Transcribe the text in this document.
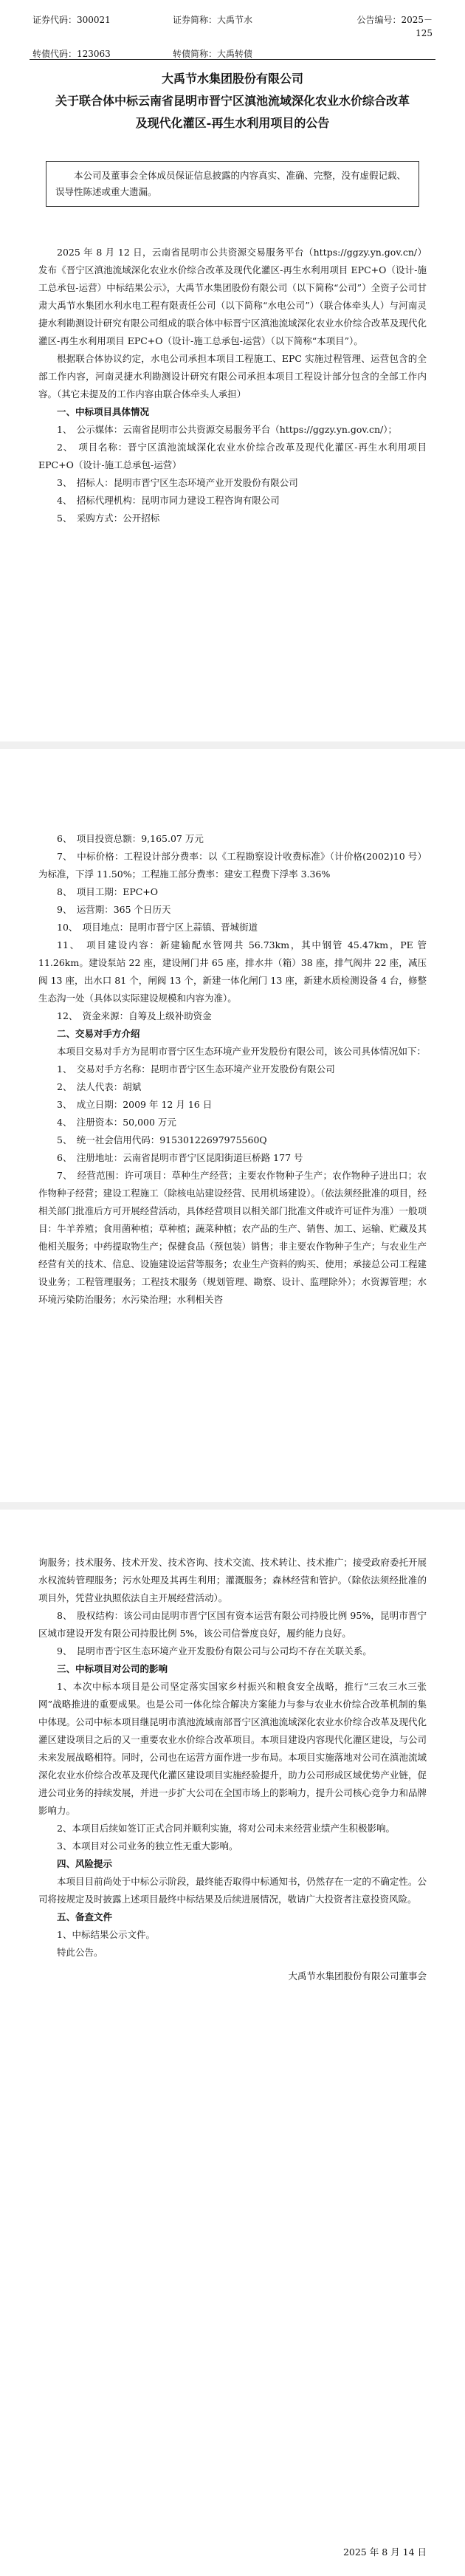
证券代码：300021	证券简称：大禹节水	公告编号：2025－125
转债代码：123063	转债简称：大禹转债

大禹节水集团股份有限公司

关于联合体中标云南省昆明市晋宁区滇池流域深化农业水价综合改革及现代化灌区-再生水利用项目的公告

本公司及董事会全体成员保证信息披露的内容真实、准确、完整，没有虚假记载、误导性陈述或重大遗漏。

2025 年 8 月 12 日，云南省昆明市公共资源交易服务平台（https://ggzy.yn.gov.cn/）发布《晋宁区滇池流域深化农业水价综合改革及现代化灌区-再生水利用项目 EPC+O（设计-施工总承包-运营）中标结果公示》，大禹节水集团股份有限公司（以下简称“公司”）全资子公司甘肃大禹节水集团水利水电工程有限责任公司（以下简称“水电公司”）（联合体牵头人）与河南灵捷水利勘测设计研究有限公司组成的联合体中标晋宁区滇池流域深化农业水价综合改革及现代化灌区-再生水利用项目 EPC+O（设计-施工总承包-运营）（以下简称“本项目”）。

根据联合体协议约定，水电公司承担本项目工程施工、EPC 实施过程管理、运营包含的全部工作内容，河南灵捷水利勘测设计研究有限公司承担本项目工程设计部分包含的全部工作内容。（其它未提及的工作内容由联合体牵头人承担）

一、中标项目具体情况

1、　公示媒体：云南省昆明市公共资源交易服务平台（https://ggzy.yn.gov.cn/）；

2、　项目名称：晋宁区滇池流域深化农业水价综合改革及现代化灌区-再生水利用项目 EPC+O（设计-施工总承包-运营）

3、　招标人：昆明市晋宁区生态环境产业开发股份有限公司

4、　招标代理机构：昆明市同力建设工程咨询有限公司

5、　采购方式：公开招标

6、　项目投资总额：9,165.07 万元

7、　中标价格：工程设计部分费率：以《工程勘察设计收费标准》（计价格(2002)10 号）为标准，下浮 11.50%；工程施工部分费率：建安工程费下浮率 3.36%

8、　项目工期：EPC+O

9、　运营期：365 个日历天

10、　项目地点：昆明市晋宁区上蒜镇、晋城街道

11、　项目建设内容：新建输配水管网共 56.73km，其中钢管 45.47km，PE 管 11.26km。建设泵站 22 座，建设闸门井 65 座，排水井（箱）38 座，排气阀井 22 座，减压阀 13 座，出水口 81 个，闸阀 13 个，新建一体化闸门 13 座，新建水质检测设备 4 台，修整生态沟一处（具体以实际建设规模和内容为准）。

12、　资金来源：自筹及上级补助资金

二、交易对手方介绍

本项目交易对手方为昆明市晋宁区生态环境产业开发股份有限公司，该公司具体情况如下：

1、　交易对手方名称：昆明市晋宁区生态环境产业开发股份有限公司

2、　法人代表：胡斌

3、　成立日期：2009 年 12 月 16 日

4、　注册资本：50,000 万元

5、　统一社会信用代码：91530122697975560Q

6、　注册地址：云南省昆明市晋宁区昆阳街道巨桥路 177 号

7、　经营范围：许可项目：草种生产经营；主要农作物种子生产；农作物种子进出口；农作物种子经营；建设工程施工（除核电站建设经营、民用机场建设）。（依法须经批准的项目，经相关部门批准后方可开展经营活动，具体经营项目以相关部门批准文件或许可证件为准）一般项目：牛羊养殖；食用菌种植；草种植；蔬菜种植；农产品的生产、销售、加工、运输、贮藏及其他相关服务；中药提取物生产；保健食品（预包装）销售；非主要农作物种子生产；与农业生产经营有关的技术、信息、设施建设运营等服务；农业生产资料的购买、使用；承接总公司工程建设业务；工程管理服务；工程技术服务（规划管理、勘察、设计、监理除外）；水资源管理；水环境污染防治服务；水污染治理；水利相关咨

询服务；技术服务、技术开发、技术咨询、技术交流、技术转让、技术推广；接受政府委托开展水权流转管理服务；污水处理及其再生利用；灌溉服务；森林经营和管护。（除依法须经批准的项目外，凭营业执照依法自主开展经营活动）。

8、　股权结构：该公司由昆明市晋宁区国有资本运营有限公司持股比例 95%，昆明市晋宁区城市建设开发有限公司持股比例 5%，该公司信誉度良好，履约能力良好。

9、　昆明市晋宁区生态环境产业开发股份有限公司与公司均不存在关联关系。

三、中标项目对公司的影响

1、本次中标本项目是公司坚定落实国家乡村振兴和粮食安全战略，推行“三农三水三张网”战略推进的重要成果。也是公司一体化综合解决方案能力与参与农业水价综合改革机制的集中体现。公司中标本项目继昆明市滇池流域南部晋宁区滇池流域深化农业水价综合改革及现代化灌区建设项目之后的又一重要农业水价综合改革项目。本项目建设内容现代化灌区建设，与公司未来发展战略相符。同时，公司也在运营方面作进一步布局。本项目实施落地对公司在滇池流域深化农业水价综合改革及现代化灌区建设项目实施经验提升，助力公司形成区域优势产业链，促进公司业务的持续发展，并进一步扩大公司在全国市场上的影响力，提升公司核心竞争力和品牌影响力。

2、本项目后续如签订正式合同并顺利实施，将对公司未来经营业绩产生积极影响。

3、本项目对公司业务的独立性无重大影响。

四、风险提示

本项目目前尚处于中标公示阶段，最终能否取得中标通知书，仍然存在一定的不确定性。公司将按规定及时披露上述项目最终中标结果及后续进展情况，敬请广大投资者注意投资风险。

五、备查文件

1、中标结果公示文件。

特此公告。

大禹节水集团股份有限公司董事会

2025 年 8 月 14 日
